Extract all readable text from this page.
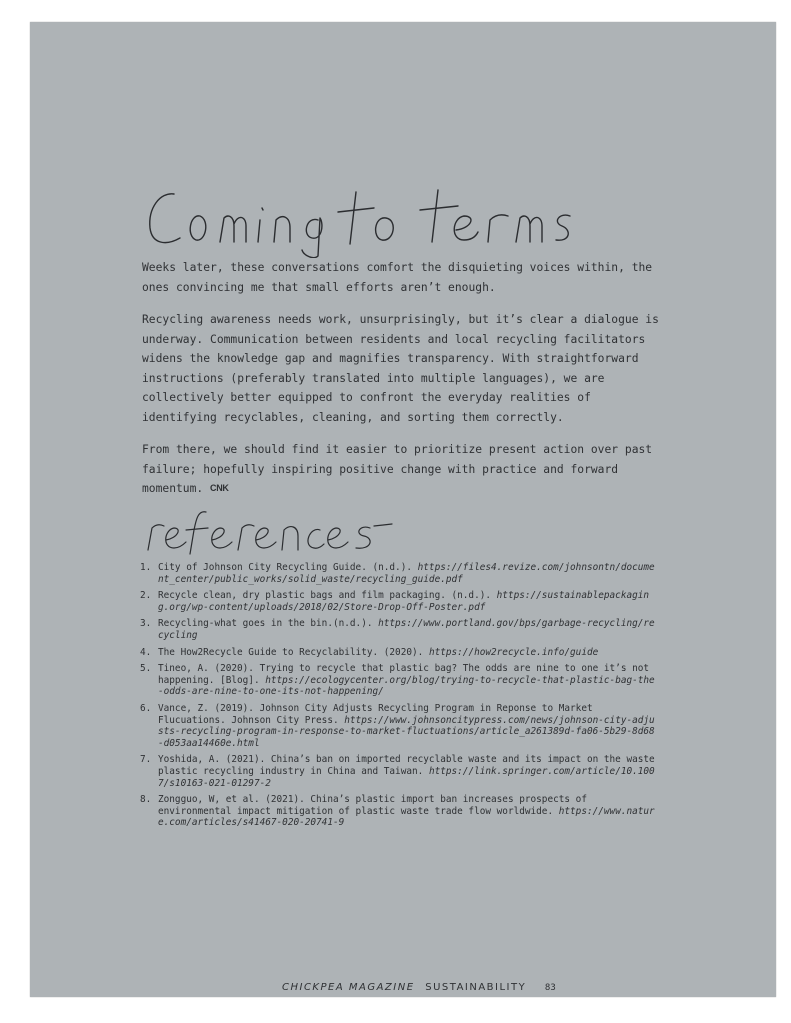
Weeks later, these conversations comfort the disquieting voices within, the ones convincing me that small efforts aren’t enough.

Recycling awareness needs work, unsurprisingly, but it’s clear a dialogue is underway. Communication between residents and local recycling facilitators widens the knowledge gap and magnifies transparency. With straightforward instructions (preferably translated into multiple languages), we are collectively better equipped to confront the everyday realities of identifying recyclables, cleaning, and sorting them correctly.

From there, we should find it easier to prioritize present action over past failure; hopefully inspiring positive change with practice and forward momentum. CNK

1. City of Johnson City Recycling Guide. (n.d.). https://files4.revize.com/johnsontn/document_center/public_works/solid_waste/recycling_guide.pdf
2. Recycle clean, dry plastic bags and film packaging. (n.d.). https://sustainablepackaging.org/wp-content/uploads/2018/02/Store-Drop-Off-Poster.pdf
3. Recycling-what goes in the bin.(n.d.). https://www.portland.gov/bps/garbage-recycling/recycling
4. The How2Recycle Guide to Recyclability. (2020). https://how2recycle.info/guide
5. Tineo, A. (2020). Trying to recycle that plastic bag? The odds are nine to one it’s not happening. [Blog]. https://ecologycenter.org/blog/trying-to-recycle-that-plastic-bag-the-odds-are-nine-to-one-its-not-happening/
6. Vance, Z. (2019). Johnson City Adjusts Recycling Program in Reponse to Market Flucuations. Johnson City Press. https://www.johnsoncitypress.com/news/johnson-city-adjusts-recycling-program-in-response-to-market-fluctuations/article_a261389d-fa06-5b29-8d68-d053aa14460e.html
7. Yoshida, A. (2021). China’s ban on imported recyclable waste and its impact on the waste plastic recycling industry in China and Taiwan. https://link.springer.com/article/10.1007/s10163-021-01297-2
8. Zongguo, W, et al. (2021). China’s plastic import ban increases prospects of environmental impact mitigation of plastic waste trade flow worldwide. https://www.nature.com/articles/s41467-020-20741-9
CHICKPEA MAGAZINE SUSTAINABILITY 83
